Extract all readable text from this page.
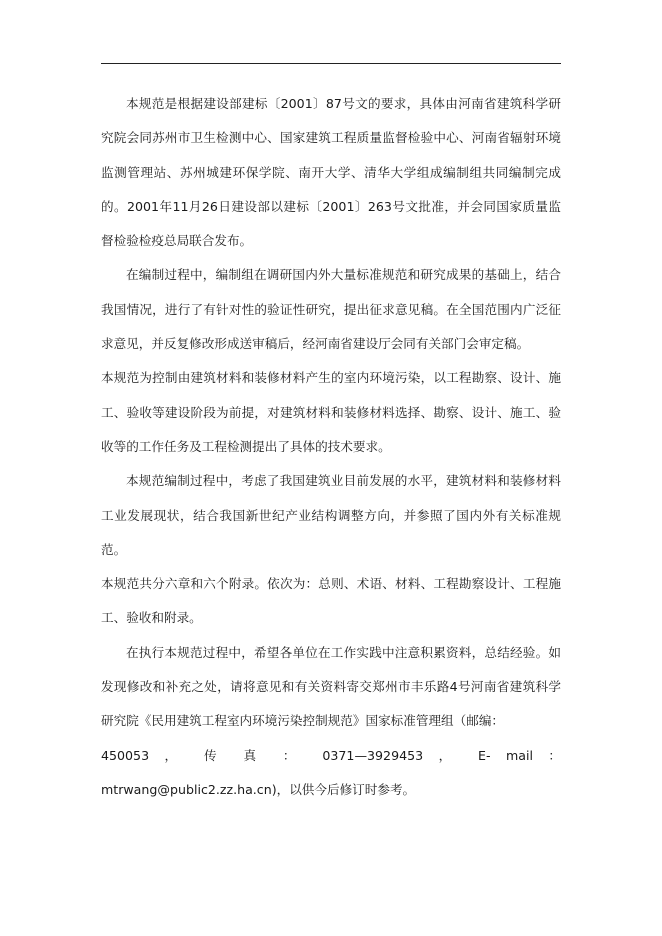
本规范是根据建设部建标〔2001〕87号文的要求，具体由河南省建筑科学研究院会同苏州市卫生检测中心、国家建筑工程质量监督检验中心、河南省辐射环境监测管理站、苏州城建环保学院、南开大学、清华大学组成编制组共同编制完成的。2001年11月26日建设部以建标〔2001〕263号文批准，并会同国家质量监督检验检疫总局联合发布。

在编制过程中，编制组在调研国内外大量标准规范和研究成果的基础上，结合我国情况，进行了有针对性的验证性研究，提出征求意见稿。在全国范围内广泛征求意见，并反复修改形成送审稿后，经河南省建设厅会同有关部门会审定稿。

本规范为控制由建筑材料和装修材料产生的室内环境污染，以工程勘察、设计、施工、验收等建设阶段为前提，对建筑材料和装修材料选择、勘察、设计、施工、验收等的工作任务及工程检测提出了具体的技术要求。

本规范编制过程中，考虑了我国建筑业目前发展的水平，建筑材料和装修材料工业发展现状，结合我国新世纪产业结构调整方向，并参照了国内外有关标准规范。

本规范共分六章和六个附录。依次为：总则、术语、材料、工程勘察设计、工程施工、验收和附录。

在执行本规范过程中，希望各单位在工作实践中注意积累资料，总结经验。如发现修改和补充之处，请将意见和有关资料寄交郑州市丰乐路4号河南省建筑科学研究院《民用建筑工程室内环境污染控制规范》国家标准管理组（邮编：

450053 ， 传 真 ： 0371—3929453 ， E- mail ：

mtrwang@public2.zz.ha.cn)，以供今后修订时参考。
